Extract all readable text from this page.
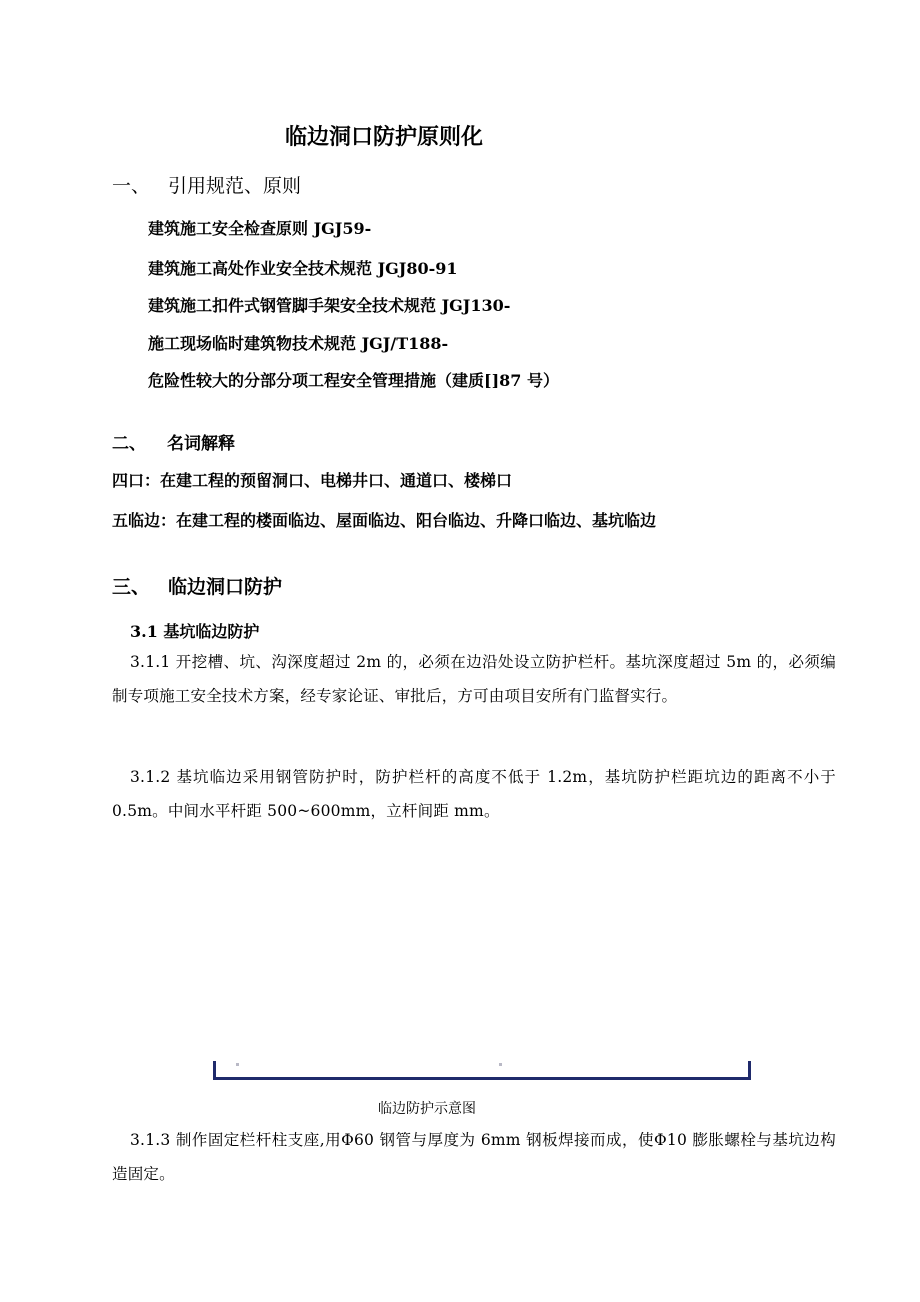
临边洞口防护原则化
一、 引用规范、原则
建筑施工安全检查原则 JGJ59-
建筑施工高处作业安全技术规范 JGJ80-91
建筑施工扣件式钢管脚手架安全技术规范 JGJ130-
施工现场临时建筑物技术规范 JGJ/T188-
危险性较大的分部分项工程安全管理措施（建质[]87 号）
二、 名词解释
四口：在建工程的预留洞口、电梯井口、通道口、楼梯口
五临边：在建工程的楼面临边、屋面临边、阳台临边、升降口临边、基坑临边
三、 临边洞口防护
3.1 基坑临边防护
3.1.1 开挖槽、坑、沟深度超过 2m 的，必须在边沿处设立防护栏杆。基坑深度超过 5m 的，必须编制专项施工安全技术方案，经专家论证、审批后，方可由项目安所有门监督实行。
3.1.2 基坑临边采用钢管防护时，防护栏杆的高度不低于 1.2m，基坑防护栏距坑边的距离不小于 0.5m。中间水平杆距 500~600mm，立杆间距 mm。
临边防护示意图
3.1.3 制作固定栏杆柱支座,用Φ60 钢管与厚度为 6mm 钢板焊接而成，使Φ10 膨胀螺栓与基坑边构造固定。
